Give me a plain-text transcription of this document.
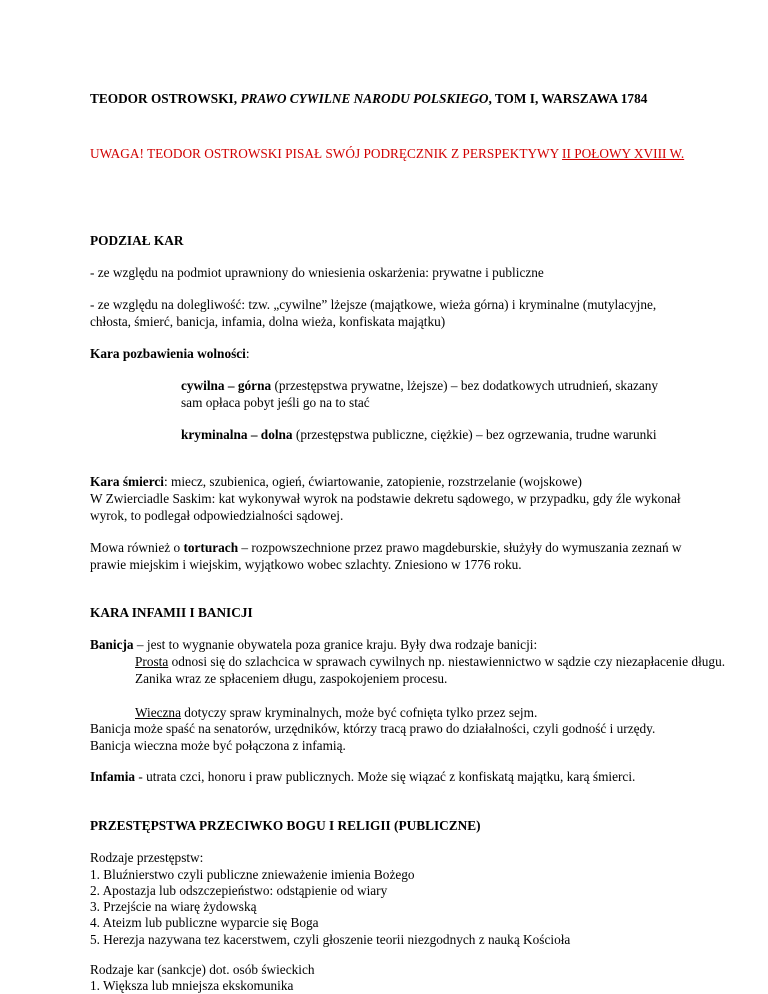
TEODOR OSTROWSKI, PRAWO CYWILNE NARODU POLSKIEGO, TOM I, WARSZAWA 1784
UWAGA! TEODOR OSTROWSKI PISAŁ SWÓJ PODRĘCZNIK Z PERSPEKTYWY II POŁOWY XVIII W.
PODZIAŁ KAR
- ze względu na podmiot uprawniony do wniesienia oskarżenia: prywatne i publiczne
- ze względu na dolegliwość: tzw. „cywilne” lżejsze (majątkowe, wieża górna) i kryminalne (mutylacyjne, chłosta, śmierć, banicja, infamia, dolna wieża, konfiskata majątku)
Kara pozbawienia wolności:
cywilna – górna (przestępstwa prywatne, lżejsze) – bez dodatkowych utrudnień, skazany sam opłaca pobyt jeśli go na to stać
kryminalna – dolna (przestępstwa publiczne, ciężkie) – bez ogrzewania, trudne warunki
Kara śmierci: miecz, szubienica, ogień, ćwiartowanie, zatopienie, rozstrzelanie (wojskowe)
W Zwierciadle Saskim: kat wykonywał wyrok na podstawie dekretu sądowego, w przypadku, gdy źle wykonał wyrok, to podlegał odpowiedzialności sądowej.
Mowa również o torturach – rozpowszechnione przez prawo magdeburskie, służyły do wymuszania zeznań w prawie miejskim i wiejskim, wyjątkowo wobec szlachty. Zniesiono w 1776 roku.
KARA INFAMII I BANICJI
Banicja – jest to wygnanie obywatela poza granice kraju. Były dwa rodzaje banicji:
Prosta odnosi się do szlachcica w sprawach cywilnych np. niestawiennictwo w sądzie czy niezapłacenie długu. Zanika wraz ze spłaceniem długu, zaspokojeniem procesu.
Wieczna dotyczy spraw kryminalnych, może być cofnięta tylko przez sejm.
Banicja może spaść na senatorów, urzędników, którzy tracą prawo do działalności, czyli godność i urzędy. Banicja wieczna może być połączona z infamią.
Infamia - utrata czci, honoru i praw publicznych. Może się wiązać z konfiskatą majątku, karą śmierci.
PRZESTĘPSTWA PRZECIWKO BOGU I RELIGII (PUBLICZNE)
Rodzaje przestępstw:
1. Bluźnierstwo czyli publiczne znieważenie imienia Bożego
2. Apostazja lub odszczepieństwo: odstąpienie od wiary
3. Przejście na wiarę żydowską
4. Ateizm lub publiczne wyparcie się Boga
5. Herezja nazywana tez kacerstwem, czyli głoszenie teorii niezgodnych z nauką Kościoła
Rodzaje kar (sankcje) dot. osób świeckich
1. Większa lub mniejsza ekskomunika
